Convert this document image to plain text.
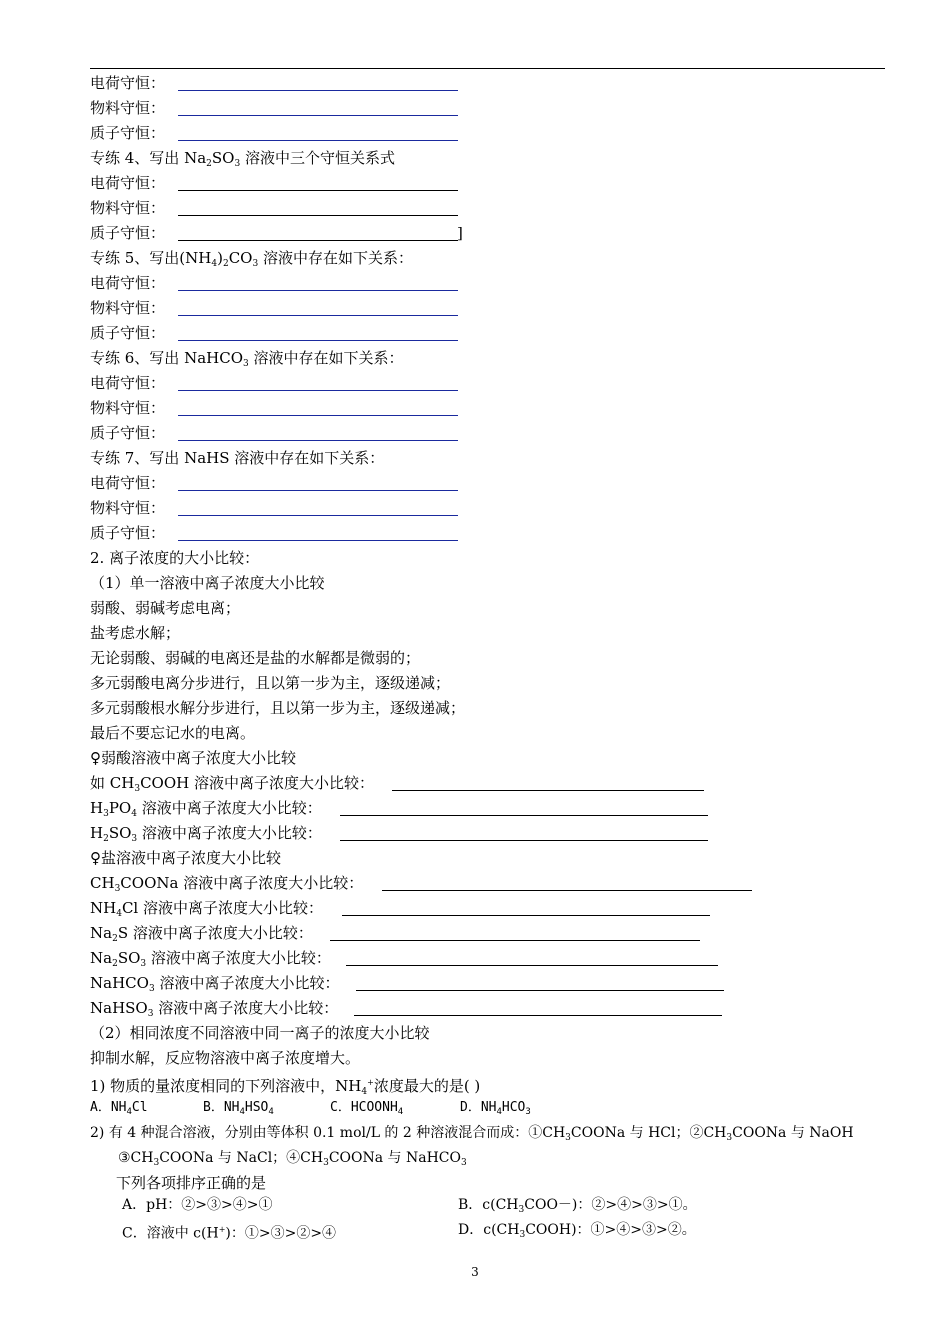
电荷守恒：
物料守恒：
质子守恒：
专练 4、写出 $Na_2SO_3$ 溶液中三个守恒关系式
电荷守恒：
物料守恒：
质子守恒：	]
专练 5、写出$(NH_4)_2CO_3$ 溶液中存在如下关系：
电荷守恒：
物料守恒：
质子守恒：
专练 6、写出 NaHCO$_3$ 溶液中存在如下关系：
电荷守恒：
物料守恒：
质子守恒：
专练 7、写出 NaHS 溶液中存在如下关系：
电荷守恒：
物料守恒：
质子守恒：
2. 离子浓度的大小比较：
（1）单一溶液中离子浓度大小比较
弱酸、弱碱考虑电离；
盐考虑水解；
无论弱酸、弱碱的电离还是盐的水解都是微弱的；
多元弱酸电离分步进行，且以第一步为主，逐级递减；
多元弱酸根水解分步进行，且以第一步为主，逐级递减；
最后不要忘记水的电离。
♀弱酸溶液中离子浓度大小比较
如 $CH_3COOH$ 溶液中离子浓度大小比较：
$H_3PO_4$ 溶液中离子浓度大小比较：
$H_2SO_3$ 溶液中离子浓度大小比较：
♀盐溶液中离子浓度大小比较
$CH_3COONa$ 溶液中离子浓度大小比较：
$NH_4Cl$ 溶液中离子浓度大小比较：
$Na_2S$ 溶液中离子浓度大小比较：
$Na_2SO_3$ 溶液中离子浓度大小比较：
NaHCO$_3$ 溶液中离子浓度大小比较：
NaHSO$_3$ 溶液中离子浓度大小比较：
（2）相同浓度不同溶液中同一离子的浓度大小比较
抑制水解，反应物溶液中离子浓度增大。
1) 物质的量浓度相同的下列溶液中，$NH_4^+$浓度最大的是( )
A．$NH_4Cl$	B．$NH_4HSO_4$	C．$HCOONH_4$	D．$NH_4HCO_3$
2) 有 4 种混合溶液，分别由等体积 0.1 mol/L 的 2 种溶液混合而成：$①CH_3COONa$ 与 HCl；$②CH_3COONa$ 与 NaOH
$③CH_3COONa$ 与 NaCl；$④CH_3COONa$ 与 NaHCO$_3$
下列各项排序正确的是
A．pH：②>③>④>①	B．$c(CH_3COO-)$：②>④>③>①。
C．溶液中 c(H+)：①>③>②>④	D．$c(CH_3COOH)$：①>④>③>②。
3
